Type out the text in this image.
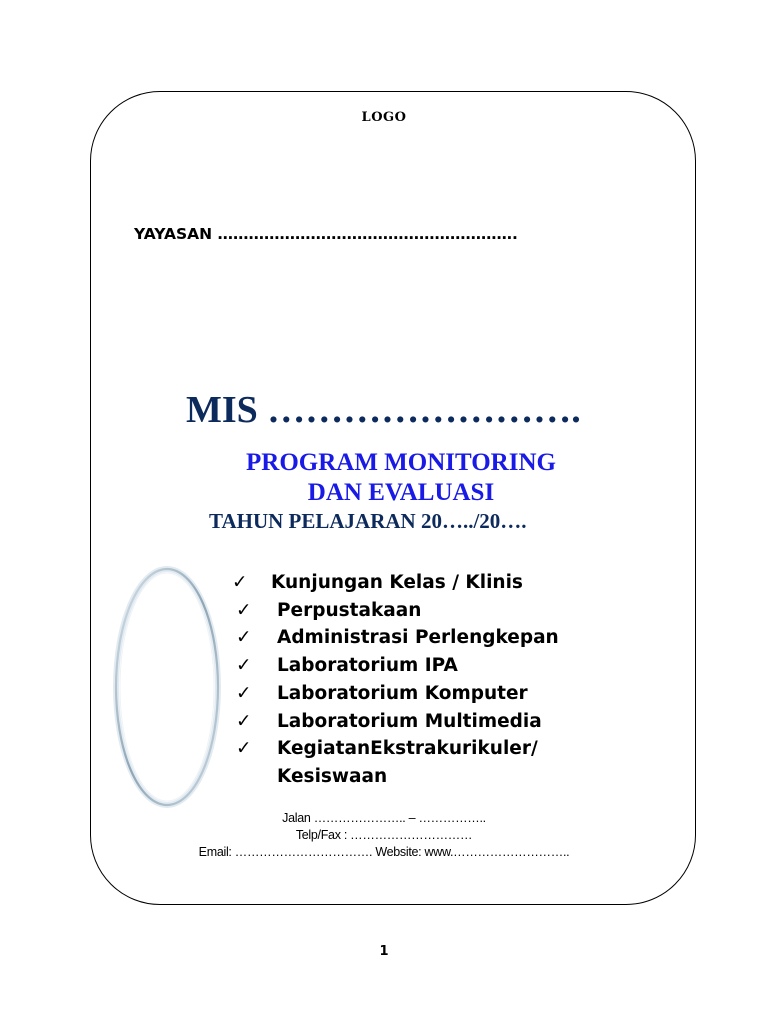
LOGO
YAYASAN ………………………………………………….
MIS …………………….
PROGRAM MONITORING
DAN EVALUASI
TAHUN PELAJARAN 20…../20….
✓ Kunjungan Kelas / Klinis
✓ Perpustakaan
✓ Administrasi Perlengkepan
✓ Laboratorium IPA
✓ Laboratorium Komputer
✓ Laboratorium Multimedia
✓ KegiatanEkstrakurikuler/
Kesiswaan
Jalan ………………….. – ……………..
Telp/Fax : …………………………
Email: ……………………………. Website: www.………………………..
1
